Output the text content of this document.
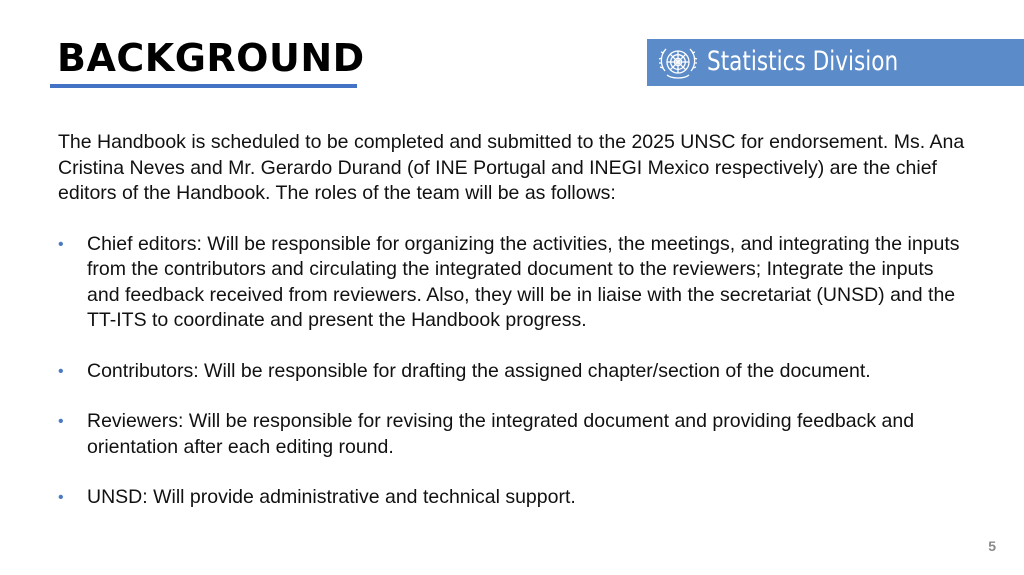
BACKGROUND	Statistics Division

The Handbook is scheduled to be completed and submitted to the 2025 UNSC for endorsement. Ms. Ana Cristina Neves and Mr. Gerardo Durand (of INE Portugal and INEGI Mexico respectively) are the chief editors of the Handbook. The roles of the team will be as follows:

• Chief editors: Will be responsible for organizing the activities, the meetings, and integrating the inputs from the contributors and circulating the integrated document to the reviewers; Integrate the inputs and feedback received from reviewers. Also, they will be in liaise with the secretariat (UNSD) and the TT-ITS to coordinate and present the Handbook progress.
• Contributors: Will be responsible for drafting the assigned chapter/section of the document.
• Reviewers: Will be responsible for revising the integrated document and providing feedback and orientation after each editing round.
• UNSD: Will provide administrative and technical support.
5
